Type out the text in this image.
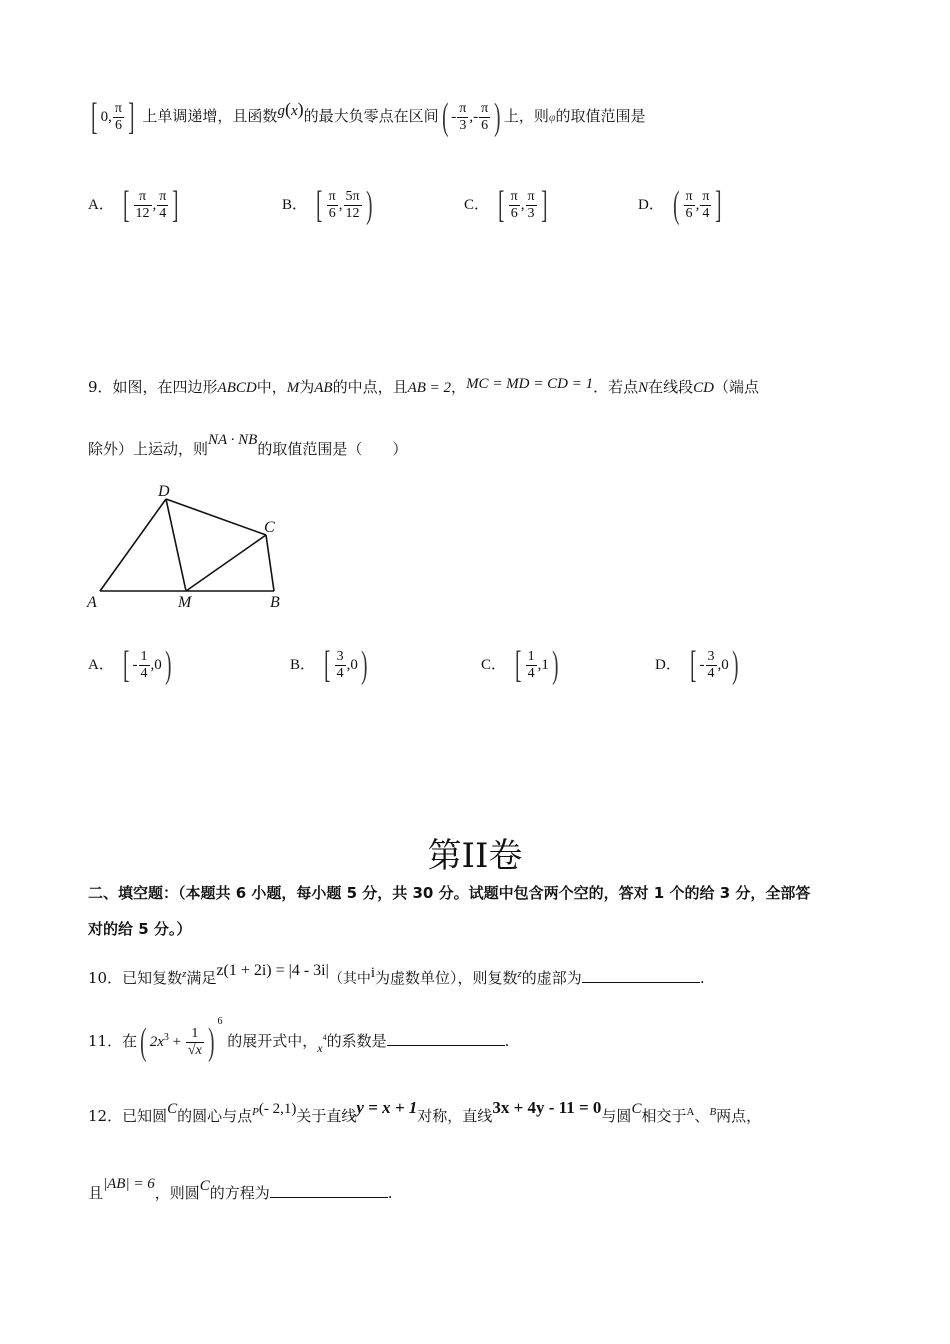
[ 0, $\frac{\pi}{6}$ ] 上单调递增，且函数g(x)的最大负零点在区间( - $\frac{\pi}{3}$ ,- $\frac{\pi}{6}$ ) 上，则φ的取值范围是
A． [ $\frac{\pi}{12}$ , $\frac{\pi}{4}$ ]	B． [ $\frac{\pi}{6}$ , $\frac{5\pi}{12}$ )	C． [ $\frac{\pi}{6}$ , $\frac{\pi}{3}$ ]	D． ( $\frac{\pi}{6}$ , $\frac{\pi}{4}$ ]
9．如图，在四边形ABCD中，M为AB的中点，且AB = 2，MC = MD = CD = 1．若点N在线段CD（端点
除外）上运动，则NA · NB的取值范围是（　　）
D
C
A	M	B
A． [ - $\frac{1}{4} ,0$)	B． [ $\frac{3}{4} ,0$)	C． [ $\frac{1}{4} ,1$)	D． [ - $\frac{3}{4} ,0$)
第II卷
二、填空题：（本题共 6 小题，每小题 5 分，共 30 分。试题中包含两个空的，答对 1 个的给 3 分，全部答
对的给 5 分。）
10．已知复数$^z$满足z(1 + 2i) = |4 - 3i|（其中i为虚数单位），则复数$^z$的虚部为	.
11．在( $2x^3 + \frac{1}{√x}$ ) $^6$ 的展开式中，$_x^4$的系数是	.
12．已知圆C的圆心与点$^P$(- 2,1)关于直线y = x + 1对称，直线3x + 4y - 11 = 0与圆C相交于$^A$、$^B$两点，
且|AB| = 6，则圆C的方程为	.
